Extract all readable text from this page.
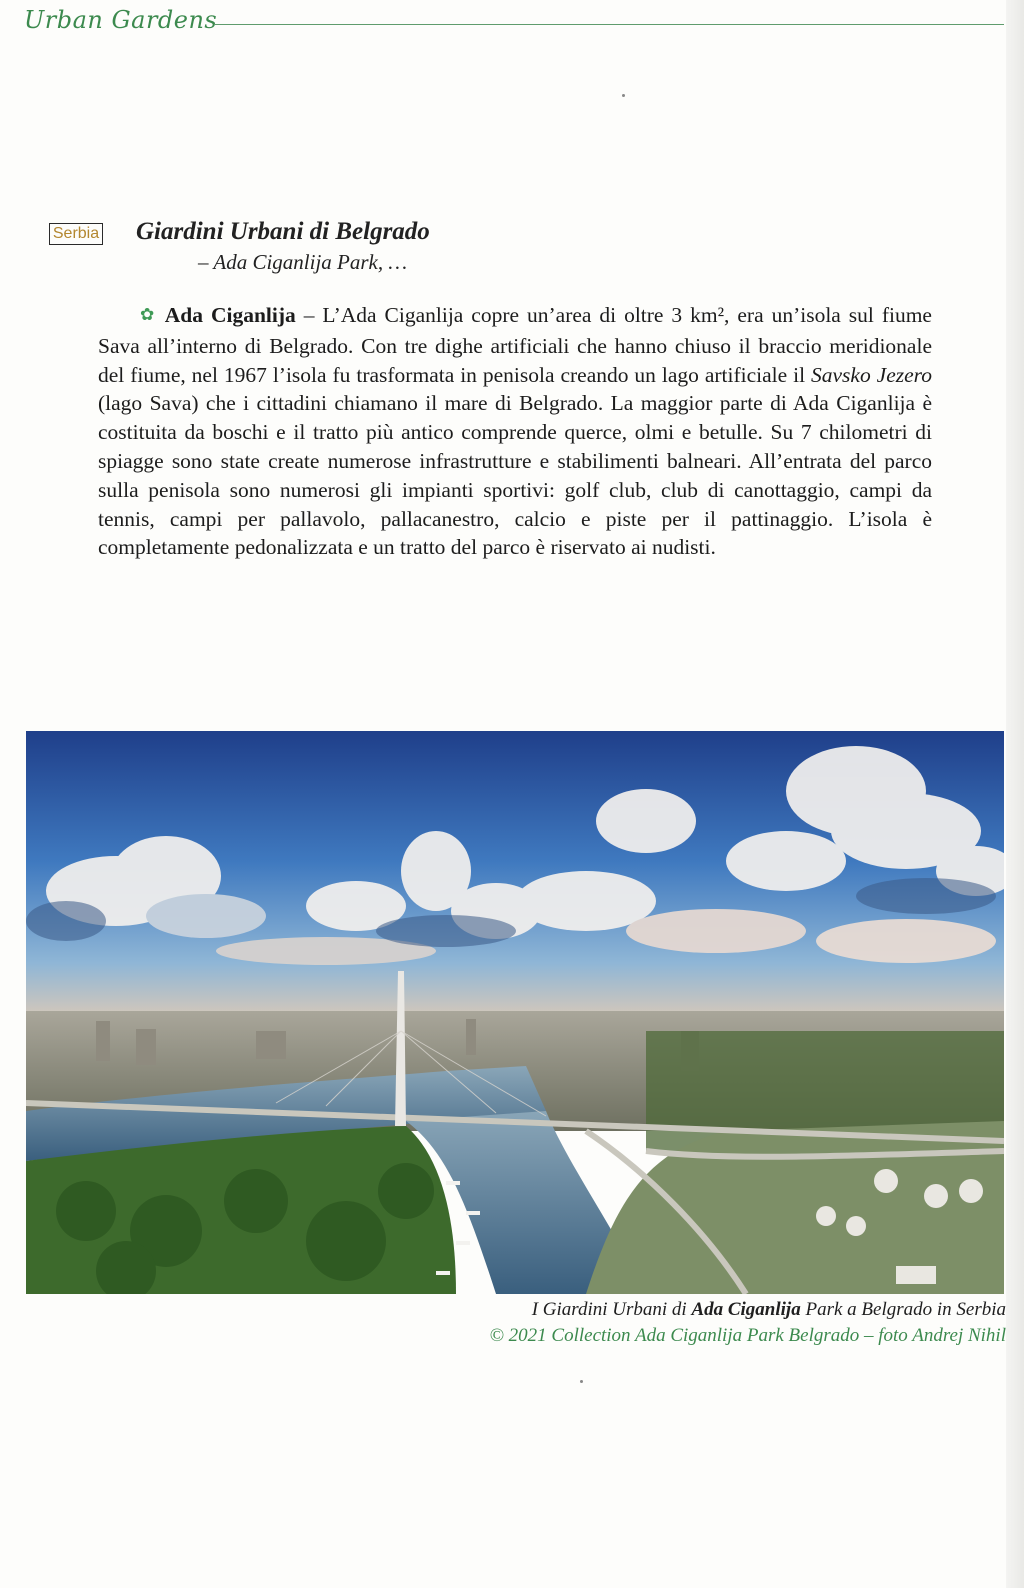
Urban Gardens
Serbia Giardini Urbani di Belgrado
– Ada Ciganlija Park, …

✿ Ada Ciganlija – L’Ada Ciganlija copre un’area di oltre 3 km², era un’isola sul fiume Sava all’interno di Belgrado. Con tre dighe artificiali che hanno chiuso il braccio meridionale del fiume, nel 1967 l’isola fu trasformata in penisola creando un lago artificiale il Savsko Jezero (lago Sava) che i cittadini chiamano il mare di Belgrado. La maggior parte di Ada Ciganlija è costituita da boschi e il tratto più antico comprende querce, olmi e betulle. Su 7 chilometri di spiagge sono state create numerose infrastrutture e stabilimenti balneari. All’entrata del parco sulla penisola sono numerosi gli impianti sportivi: golf club, club di canottaggio, campi da tennis, campi per pallavolo, pallacanestro, calcio e piste per il pattinaggio. L’isola è completamente pedonalizzata e un tratto del parco è riservato ai nudisti.

I Giardini Urbani di Ada Ciganlija Park a Belgrado in Serbia
© 2021 Collection Ada Ciganlija Park Belgrado – foto Andrej Nihil
